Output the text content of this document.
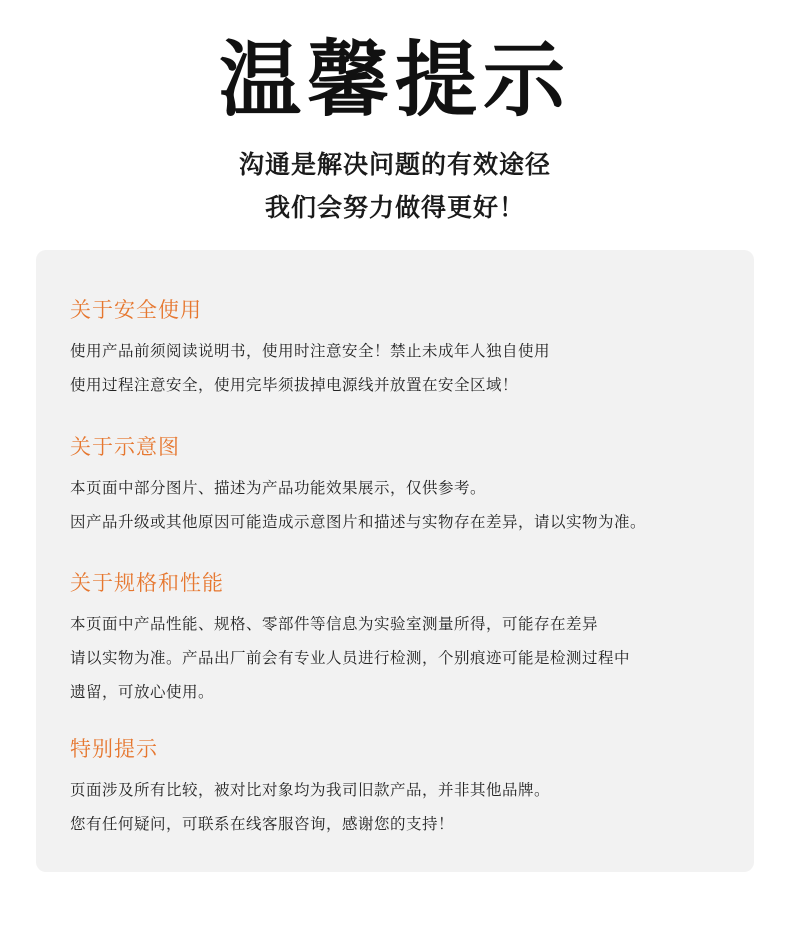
温馨提示
沟通是解决问题的有效途径
我们会努力做得更好！
关于安全使用
使用产品前须阅读说明书，使用时注意安全！禁止未成年人独自使用
使用过程注意安全，使用完毕须拔掉电源线并放置在安全区域！
关于示意图
本页面中部分图片、描述为产品功能效果展示，仅供参考。
因产品升级或其他原因可能造成示意图片和描述与实物存在差异，请以实物为准。
关于规格和性能
本页面中产品性能、规格、零部件等信息为实验室测量所得，可能存在差异
请以实物为准。产品出厂前会有专业人员进行检测，个别痕迹可能是检测过程中
遗留，可放心使用。
特别提示
页面涉及所有比较，被对比对象均为我司旧款产品，并非其他品牌。
您有任何疑问，可联系在线客服咨询，感谢您的支持！
